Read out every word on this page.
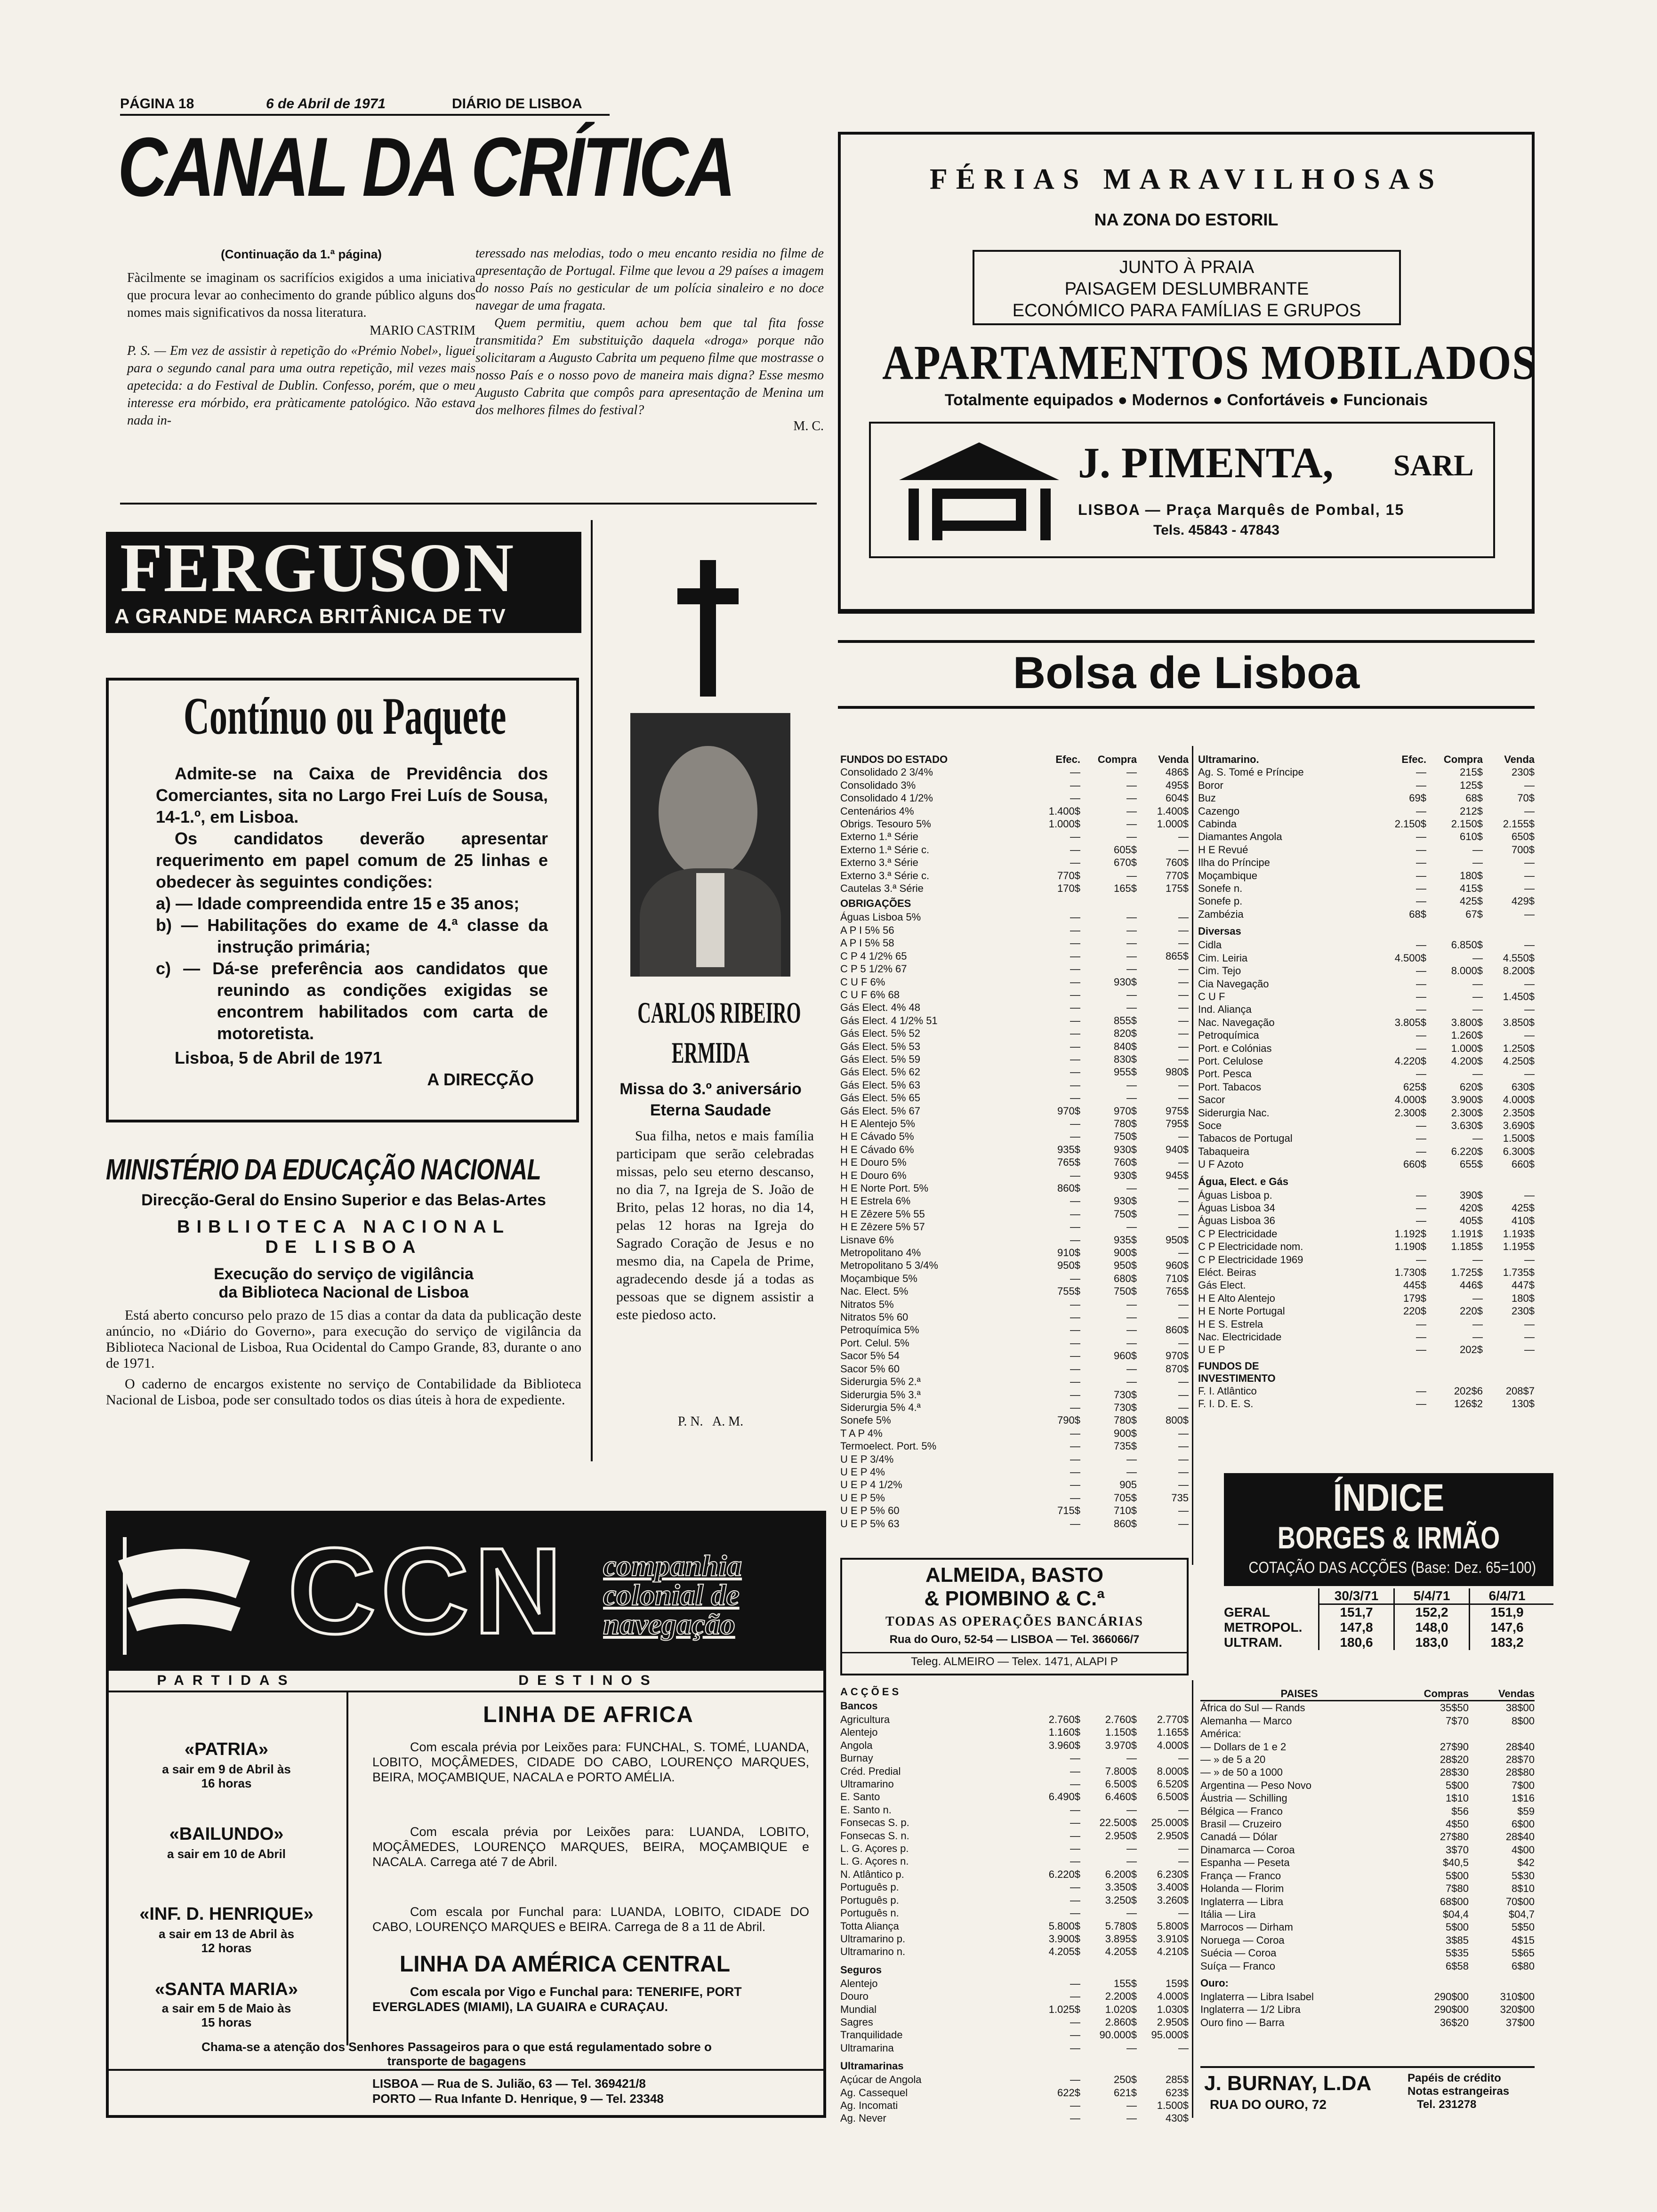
PÁGINA 18	6 de Abril de 1971	DIÁRIO DE LISBOA
CANAL DA CRÍTICA
(Continuação da 1.ª página)

Fàcilmente se imaginam os sacrifícios exigidos a uma iniciativa que procura levar ao conhecimento do grande público alguns dos nomes mais significativos da nossa literatura.

MARIO CASTRIM

P. S. — Em vez de assistir à repetição do «Prémio Nobel», liguei para o segundo canal para uma outra repetição, mil vezes mais apetecida: a do Festival de Dublin. Confesso, porém, que o meu interesse era mórbido, era pràticamente patológico. Não estava nada in-

teressado nas melodias, todo o meu encanto residia no filme de apresentação de Portugal. Filme que levou a 29 países a imagem do nosso País no gesticular de um polícia sinaleiro e no doce navegar de uma fragata.

Quem permitiu, quem achou bem que tal fita fosse transmitida? Em substituição daquela «droga» porque não solicitaram a Augusto Cabrita um pequeno filme que mostrasse o nosso País e o nosso povo de maneira mais digna? Esse mesmo Augusto Cabrita que compôs para apresentação de Menina um dos melhores filmes do festival?

M. C.
FÉRIAS MARAVILHOSAS
NA ZONA DO ESTORIL
JUNTO À PRAIA
PAISAGEM DESLUMBRANTE
ECONÓMICO PARA FAMÍLIAS E GRUPOS
APARTAMENTOS MOBILADOS
Totalmente equipados ● Modernos ● Confortáveis ● Funcionais
J. PIMENTA, SARL
LISBOA — Praça Marquês de Pombal, 15
Tels. 45843 - 47843
FERGUSON
A GRANDE MARCA BRITÂNICA DE TV
Contínuo ou Paquete
Admite-se na Caixa de Previdência dos Comerciantes, sita no Largo Frei Luís de Sousa, 14-1.º, em Lisboa.
Os candidatos deverão apresentar requerimento em papel comum de 25 linhas e obedecer às seguintes condições:
a) — Idade compreendida entre 15 e 35 anos;
b) — Habilitações do exame de 4.ª classe da instrução primária;
c) — Dá-se preferência aos candidatos que reunindo as condições exigidas se encontrem habilitados com carta de motoretista.
Lisboa, 5 de Abril de 1971
A DIRECÇÃO
MINISTÉRIO DA EDUCAÇÃO NACIONAL
Direcção-Geral do Ensino Superior e das Belas-Artes
BIBLIOTECA NACIONAL
DE LISBOA
Execução do serviço de vigilância
da Biblioteca Nacional de Lisboa

Está aberto concurso pelo prazo de 15 dias a contar da data da publicação deste anúncio, no «Diário do Governo», para execução do serviço de vigilância da Biblioteca Nacional de Lisboa, Rua Ocidental do Campo Grande, 83, durante o ano de 1971.

O caderno de encargos existente no serviço de Contabilidade da Biblioteca Nacional de Lisboa, pode ser consultado todos os dias úteis à hora de expediente.

CARLOS RIBEIRO
ERMIDA
Missa do 3.º aniversário
Eterna Saudade

Sua filha, netos e mais família participam que serão celebradas missas, pelo seu eterno descanso, no dia 7, na Igreja de S. João de Brito, pelas 12 horas, no dia 14, pelas 12 horas na Igreja do Sagrado Coração de Jesus e no mesmo dia, na Capela de Prime, agradecendo desde já a todas as pessoas que se dignem assistir a este piedoso acto.

P. N.   A. M.
CCN companhia
colonial de
navegação
PARTIDAS	DESTINOS
LINHA DE AFRICA
«PATRIA»
a sair em 9 de Abril às 16 horas
Com escala prévia por Leixões para: FUNCHAL, S. TOMÉ, LUANDA, LOBITO, MOÇÂMEDES, CIDADE DO CABO, LOURENÇO MARQUES, BEIRA, MOÇAMBIQUE, NACALA e PORTO AMÉLIA.
«BAILUNDO»
a sair em 10 de Abril
Com escala prévia por Leixões para: LUANDA, LOBITO, MOÇÂMEDES, LOURENÇO MARQUES, BEIRA, MOÇAMBIQUE e NACALA. Carrega até 7 de Abril.
«INF. D. HENRIQUE»
a sair em 13 de Abril às 12 horas
Com escala por Funchal para: LUANDA, LOBITO, CIDADE DO CABO, LOURENÇO MARQUES e BEIRA. Carrega de 8 a 11 de Abril.
LINHA DA AMÉRICA CENTRAL
«SANTA MARIA»
a sair em 5 de Maio às 15 horas
Com escala por Vigo e Funchal para: TENERIFE, PORT EVERGLADES (MIAMI), LA GUAIRA e CURAÇAU.
Chama-se a atenção dos Senhores Passageiros para o que está regulamentado sobre o transporte de bagagens
LISBOA — Rua de S. Julião, 63 — Tel. 369421/8
PORTO — Rua Infante D. Henrique, 9 — Tel. 23348
Bolsa de Lisboa
FUNDOS DO ESTADO	Efec.	Compra	Venda
Consolidado 2 3/4%	—	—	486$
Consolidado 3%	—	—	495$
Consolidado 4 1/2%	—	—	604$
Centenários 4%	1.400$	—	1.400$
Obrigs. Tesouro 5%	1.000$	—	1.000$
Externo 1.ª Série	—	—	—
Externo 1.ª Série c.	—	605$	—
Externo 3.ª Série	—	670$	760$
Externo 3.ª Série c.	770$	—	770$
Cautelas 3.ª Série	170$	165$	175$
OBRIGAÇÕES
Águas Lisboa 5%	—	—	—
A P I 5% 56	—	—	—
A P I 5% 58	—	—	—
C P 4 1/2% 65	—	—	865$
C P 5 1/2% 67	—	—	—
C U F 6%	—	930$	—
C U F 6% 68	—	—	—
Gás Elect. 4% 48	—	—	—
Gás Elect. 4 1/2% 51	—	855$	—
Gás Elect. 5% 52	—	820$	—
Gás Elect. 5% 53	—	840$	—
Gás Elect. 5% 59	—	830$	—
Gás Elect. 5% 62	—	955$	980$
Gás Elect. 5% 63	—	—	—
Gás Elect. 5% 65	—	—	—
Gás Elect. 5% 67	970$	970$	975$
H E Alentejo 5%	—	780$	795$
H E Cávado 5%	—	750$	—
H E Cávado 6%	935$	930$	940$
H E Douro 5%	765$	760$	—
H E Douro 6%	—	930$	945$
H E Norte Port. 5%	860$	—	—
H E Estrela 6%	—	930$	—
H E Zêzere 5% 55	—	750$	—
H E Zêzere 5% 57	—	—	—
Lisnave 6%	—	935$	950$
Metropolitano 4%	910$	900$	—
Metropolitano 5 3/4%	950$	950$	960$
Moçambique 5%	—	680$	710$
Nac. Elect. 5%	755$	750$	765$
Nitratos 5%	—	—	—
Nitratos 5% 60	—	—	—
Petroquímica 5%	—	—	860$
Port. Celul. 5%	—	—	—
Sacor 5% 54	—	960$	970$
Sacor 5% 60	—	—	870$
Siderurgia 5% 2.ª	—	—	—
Siderurgia 5% 3.ª	—	730$	—
Siderurgia 5% 4.ª	—	730$	—
Sonefe 5%	790$	780$	800$
T A P 4%	—	900$	—
Termoelect. Port. 5%	—	735$	—
U E P 3/4%	—	—	—
U E P 4%	—	—	—
U E P 4 1/2%	—	905	—
U E P 5%	—	705$	735
U E P 5% 60	715$	710$	—
U E P 5% 63	—	860$	—
Ultramarino.	Efec.	Compra	Venda
Ag. S. Tomé e Príncipe	—	215$	230$
Boror	—	125$	—
Buz	69$	68$	70$
Cazengo	—	212$	—
Cabinda	2.150$	2.150$	2.155$
Diamantes Angola	—	610$	650$
H E Revué	—	—	700$
Ilha do Príncipe	—	—	—
Moçambique	—	180$	—
Sonefe n.	—	415$	—
Sonefe p.	—	425$	429$
Zambézia	68$	67$	—
Diversas
Cidla	—	6.850$	—
Cim. Leiria	4.500$	—	4.550$
Cim. Tejo	—	8.000$	8.200$
Cia Navegação	—	—	—
C U F	—	—	1.450$
Ind. Aliança	—	—	—
Nac. Navegação	3.805$	3.800$	3.850$
Petroquímica	—	1.260$	—
Port. e Colónias	—	1.000$	1.250$
Port. Celulose	4.220$	4.200$	4.250$
Port. Pesca	—	—	—
Port. Tabacos	625$	620$	630$
Sacor	4.000$	3.900$	4.000$
Siderurgia Nac.	2.300$	2.300$	2.350$
Soce	—	3.630$	3.690$
Tabacos de Portugal	—	—	1.500$
Tabaqueira	—	6.220$	6.300$
U F Azoto	660$	655$	660$
Água, Elect. e Gás
Águas Lisboa p.	—	390$	—
Águas Lisboa 34	—	420$	425$
Águas Lisboa 36	—	405$	410$
C P Electricidade	1.192$	1.191$	1.193$
C P Electricidade nom.	1.190$	1.185$	1.195$
C P Electricidade 1969	—	—	—
Eléct. Beiras	1.730$	1.725$	1.735$
Gás Elect.	445$	446$	447$
H E Alto Alentejo	179$	—	180$
H E Norte Portugal	220$	220$	230$
H E S. Estrela	—	—	—
Nac. Electricidade	—	—	—
U E P	—	202$	—
FUNDOS DE INVESTIMENTO
F. I. Atlântico	—	202$6	208$7
F. I. D. E. S.	—	126$2	130$
ALMEIDA, BASTO
& PIOMBINO & C.ª
TODAS AS OPERAÇÕES BANCÁRIAS
Rua do Ouro, 52-54 — LISBOA — Tel. 366066/7
Teleg. ALMEIRO — Telex. 1471, ALAPI P
ACÇÕES
Bancos
Agricultura	2.760$	2.760$	2.770$
Alentejo	1.160$	1.150$	1.165$
Angola	3.960$	3.970$	4.000$
Burnay	—	—	—
Créd. Predial	—	7.800$	8.000$
Ultramarino	—	6.500$	6.520$
E. Santo	6.490$	6.460$	6.500$
E. Santo n.	—	—	—
Fonsecas S. p.	—	22.500$	25.000$
Fonsecas S. n.	—	2.950$	2.950$
L. G. Açores p.	—	—	—
L. G. Açores n.	—	—	—
N. Atlântico p.	6.220$	6.200$	6.230$
Português p.	—	3.350$	3.400$
Português p.	—	3.250$	3.260$
Português n.	—	—	—
Totta Aliança	5.800$	5.780$	5.800$
Ultramarino p.	3.900$	3.895$	3.910$
Ultramarino n.	4.205$	4.205$	4.210$
Seguros
Alentejo	—	155$	159$
Douro	—	2.200$	4.000$
Mundial	1.025$	1.020$	1.030$
Sagres	—	2.860$	2.950$
Tranquilidade	—	90.000$	95.000$
Ultramarina	—	—	—
Ultramarinas
Açúcar de Angola	—	250$	285$
Ag. Cassequel	622$	621$	623$
Ag. Incomati	—	—	1.500$
Ag. Never	—	—	430$
ÍNDICE
BORGES & IRMÃO
COTAÇÃO DAS ACÇÕES (Base: Dez. 65=100)
30/3/71	5/4/71	6/4/71
GERAL	151,7	152,2	151,9
METROPOL.	147,8	148,0	147,6
ULTRAM.	180,6	183,0	183,2
PAISES	Compras	Vendas
África do Sul — Rands	35$50	38$00
Alemanha — Marco	7$70	8$00
América:
— Dollars de 1 e 2	27$90	28$40
— » de 5 a 20	28$20	28$70
— » de 50 a 1000	28$30	28$80
Argentina — Peso Novo	5$00	7$00
Áustria — Schilling	1$10	1$16
Bélgica — Franco	$56	$59
Brasil — Cruzeiro	4$50	6$00
Canadá — Dólar	27$80	28$40
Dinamarca — Coroa	3$70	4$00
Espanha — Peseta	$40,5	$42
França — Franco	5$00	5$30
Holanda — Florim	7$80	8$10
Inglaterra — Libra	68$00	70$00
Itália — Lira	$04,4	$04,7
Marrocos — Dirham	5$00	5$50
Noruega — Coroa	3$85	4$15
Suécia — Coroa	5$35	5$65
Suíça — Franco	6$58	6$80
Ouro:
Inglaterra — Libra Isabel	290$00	310$00
Inglaterra — 1/2 Libra	290$00	320$00
Ouro fino — Barra	36$20	37$00
J. BURNAY, L.DA
RUA DO OURO, 72
Papéis de crédito
Notas estrangeiras
Tel. 231278
